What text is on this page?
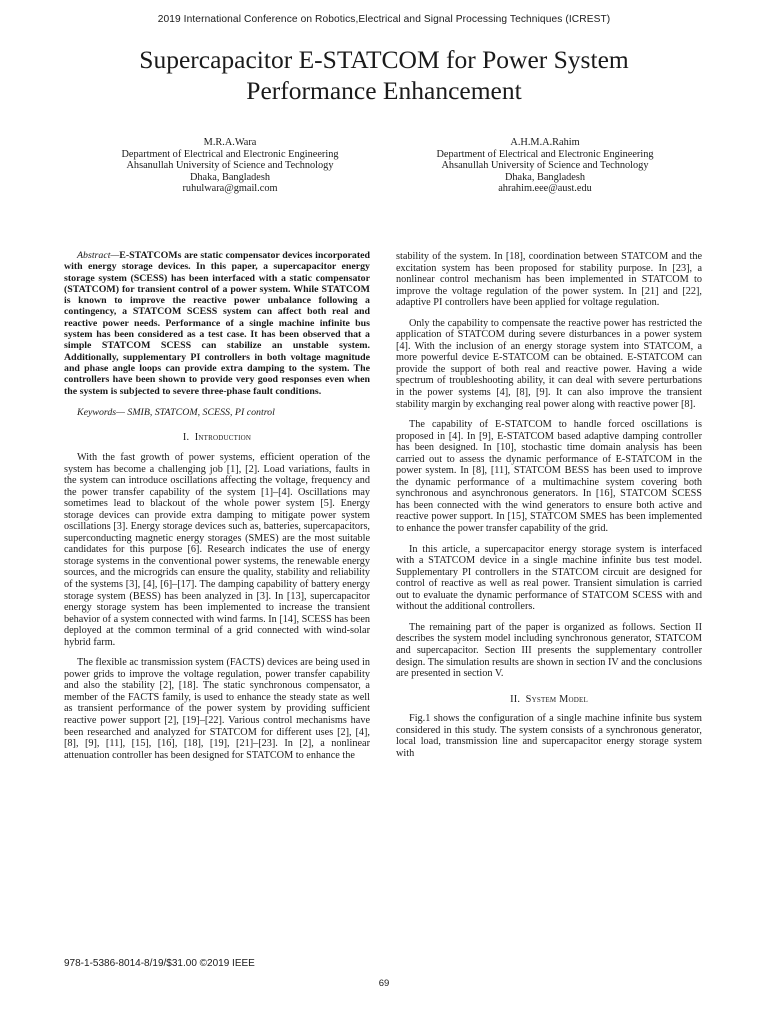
2019 International Conference on Robotics,Electrical and Signal Processing Techniques (ICREST)
Supercapacitor E-STATCOM for Power System
Performance Enhancement
M.R.A.Wara
Department of Electrical and Electronic Engineering
Ahsanullah University of Science and Technology
Dhaka, Bangladesh
ruhulwara@gmail.com
A.H.M.A.Rahim
Department of Electrical and Electronic Engineering
Ahsanullah University of Science and Technology
Dhaka, Bangladesh
ahrahim.eee@aust.edu

Abstract—E-STATCOMs are static compensator devices incorporated with energy storage devices. In this paper, a supercapacitor energy storage system (SCESS) has been interfaced with a static compensator (STATCOM) for transient control of a power system. While STATCOM is known to improve the reactive power unbalance following a contingency, a STATCOM SCESS system can affect both real and reactive power needs. Performance of a single machine infinite bus system has been considered as a test case. It has been observed that a simple STATCOM SCESS can stabilize an unstable system. Additionally, supplementary PI controllers in both voltage magnitude and phase angle loops can provide extra damping to the system. The controllers have been shown to provide very good responses even when the system is subjected to severe three-phase fault conditions.

Keywords— SMIB, STATCOM, SCESS, PI control

I. Introduction

With the fast growth of power systems, efficient operation of the system has become a challenging job [1], [2]. Load variations, faults in the system can introduce oscillations affecting the voltage, frequency and the power transfer capability of the system [1]–[4]. Oscillations may sometimes lead to blackout of the whole power system [5]. Energy storage devices can provide extra damping to mitigate power system oscillations [3]. Energy storage devices such as, batteries, supercapacitors, superconducting magnetic energy storages (SMES) are the most suitable candidates for this purpose [6]. Research indicates the use of energy storage systems in the conventional power systems, the renewable energy sources, and the microgrids can ensure the quality, stability and reliability of the systems [3], [4], [6]–[17]. The damping capability of battery energy storage system (BESS) has been analyzed in [3]. In [13], supercapacitor energy storage system has been implemented to increase the transient behavior of a system connected with wind farms. In [14], SCESS has been deployed at the common terminal of a grid connected with wind-solar hybrid farm.

The flexible ac transmission system (FACTS) devices are being used in power grids to improve the voltage regulation, power transfer capability and also the stability [2], [18]. The static synchronous compensator, a member of the FACTS family, is used to enhance the steady state as well as transient performance of the power system by providing sufficient reactive power support [2], [19]–[22]. Various control mechanisms have been researched and analyzed for STATCOM for different uses [2], [4], [8], [9], [11], [15], [16], [18], [19], [21]–[23]. In [2], a nonlinear attenuation controller has been designed for STATCOM to enhance the

stability of the system. In [18], coordination between STATCOM and the excitation system has been proposed for stability purpose. In [23], a nonlinear control mechanism has been implemented in STATCOM to improve the voltage regulation of the power system. In [21] and [22], adaptive PI controllers have been applied for voltage regulation.

Only the capability to compensate the reactive power has restricted the application of STATCOM during severe disturbances in a power system [4]. With the inclusion of an energy storage system into STATCOM, a more powerful device E-STATCOM can be obtained. E-STATCOM can provide the support of both real and reactive power. Having a wide spectrum of troubleshooting ability, it can deal with severe perturbations in the power systems [4], [8], [9]. It can also improve the transient stability margin by exchanging real power along with reactive power [8].

The capability of E-STATCOM to handle forced oscillations is proposed in [4]. In [9], E-STATCOM based adaptive damping controller has been designed. In [10], stochastic time domain analysis has been carried out to assess the dynamic performance of E-STATCOM in the power system. In [8], [11], STATCOM BESS has been used to improve the dynamic performance of a multimachine system covering both synchronous and asynchronous generators. In [16], STATCOM SCESS has been connected with the wind generators to ensure both active and reactive power support. In [15], STATCOM SMES has been implemented to enhance the power transfer capability of the grid.

In this article, a supercapacitor energy storage system is interfaced with a STATCOM device in a single machine infinite bus test model. Supplementary PI controllers in the STATCOM circuit are designed for control of reactive as well as real power. Transient simulation is carried out to evaluate the dynamic performance of STATCOM SCESS with and without the additional controllers.

The remaining part of the paper is organized as follows. Section II describes the system model including synchronous generator, STATCOM and supercapacitor. Section III presents the supplementary controller design. The simulation results are shown in section IV and the conclusions are presented in section V.

II. System Model

Fig.1 shows the configuration of a single machine infinite bus system considered in this study. The system consists of a synchronous generator, local load, transmission line and supercapacitor energy storage system with

978-1-5386-8014-8/19/$31.00 ©2019 IEEE
69
